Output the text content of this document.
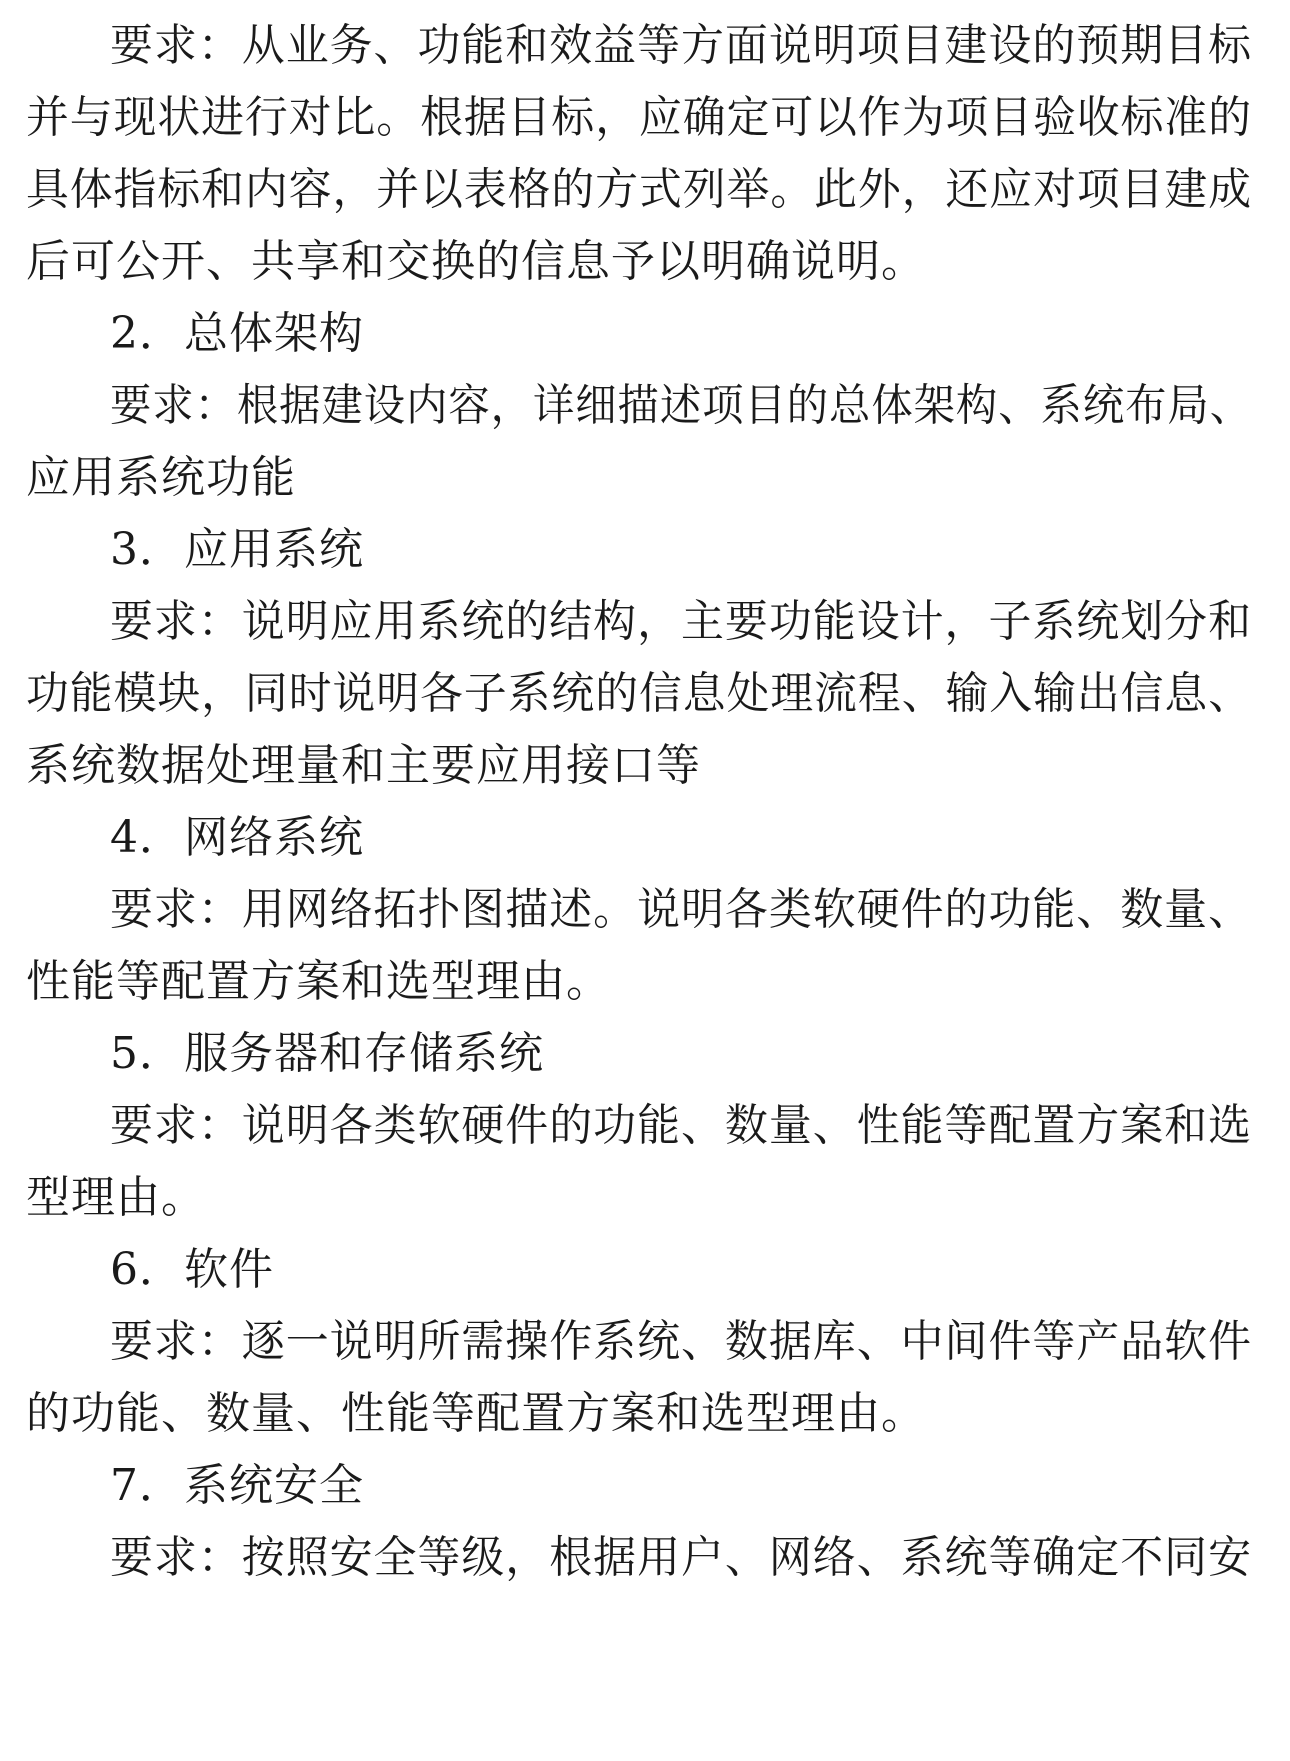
要求：从业务、功能和效益等方面说明项目建设的预期目标
并与现状进行对比。根据目标，应确定可以作为项目验收标准的
具体指标和内容，并以表格的方式列举。此外，还应对项目建成
后可公开、共享和交换的信息予以明确说明。
2．总体架构
要求：根据建设内容，详细描述项目的总体架构、系统布局、
应用系统功能
3．应用系统
要求：说明应用系统的结构，主要功能设计，子系统划分和
功能模块，同时说明各子系统的信息处理流程、输入输出信息、
系统数据处理量和主要应用接口等
4．网络系统
要求：用网络拓扑图描述。说明各类软硬件的功能、数量、
性能等配置方案和选型理由。
5．服务器和存储系统
要求：说明各类软硬件的功能、数量、性能等配置方案和选
型理由。
6．软件
要求：逐一说明所需操作系统、数据库、中间件等产品软件
的功能、数量、性能等配置方案和选型理由。
7．系统安全
要求：按照安全等级，根据用户、网络、系统等确定不同安
